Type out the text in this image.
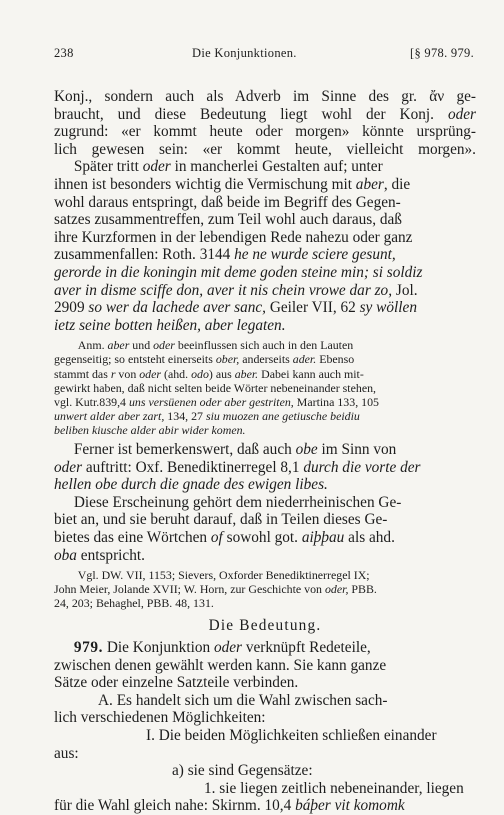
238	Die Konjunktionen.	[§ 978. 979.

Konj., sondern auch als Adverb im Sinne des gr. ἄν ge-
braucht, und diese Bedeutung liegt wohl der Konj. oder
zugrund: «er kommt heute oder morgen» könnte ursprüng-
lich gewesen sein: «er kommt heute, vielleicht morgen».

Später tritt oder in mancherlei Gestalten auf; unter
ihnen ist besonders wichtig die Vermischung mit aber, die
wohl daraus entspringt, daß beide im Begriff des Gegen-
satzes zusammentreffen, zum Teil wohl auch daraus, daß
ihre Kurzformen in der lebendigen Rede nahezu oder ganz
zusammenfallen: Roth. 3144 he ne wurde sciere gesunt,
gerorde in die koningin mit deme goden steine min; si soldiz
aver in disme sciffe don, aver it nis chein vrowe dar zo, Jol.
2909 so wer da lachede aver sanc, Geiler VII, 62 sy wöllen
ietz seine botten heißen, aber legaten.

Anm. aber und oder beeinflussen sich auch in den Lauten
gegenseitig; so entsteht einerseits ober, anderseits ader. Ebenso
stammt das r von oder (ahd. odo) aus aber. Dabei kann auch mit-
gewirkt haben, daß nicht selten beide Wörter nebeneinander stehen,
vgl. Kutr.839,4 uns versüenen oder aber gestriten, Martina 133, 105
unwert alder aber zart, 134, 27 siu muozen ane getiusche beidiu
beliben kiusche alder abir wider komen.

Ferner ist bemerkenswert, daß auch obe im Sinn von
oder auftritt: Oxf. Benediktinerregel 8,1 durch die vorte der
hellen obe durch die gnade des ewigen libes.

Diese Erscheinung gehört dem niederrheinischen Ge-
biet an, und sie beruht darauf, daß in Teilen dieses Ge-
bietes das eine Wörtchen of sowohl got. aiþþau als ahd.
oba entspricht.

Vgl. DW. VII, 1153; Sievers, Oxforder Benediktinerregel IX;
John Meier, Jolande XVII; W. Horn, zur Geschichte von oder, PBB.
24, 203; Behaghel, PBB. 48, 131.

Die Bedeutung.

979. Die Konjunktion oder verknüpft Redeteile,
zwischen denen gewählt werden kann. Sie kann ganze
Sätze oder einzelne Satzteile verbinden.

A. Es handelt sich um die Wahl zwischen sach-

lich verschiedenen Möglichkeiten:

I. Die beiden Möglichkeiten schließen einander

aus:

a) sie sind Gegensätze:

1. sie liegen zeitlich nebeneinander, liegen

für die Wahl gleich nahe: Skirnm. 10,4 báþer vit komomk
